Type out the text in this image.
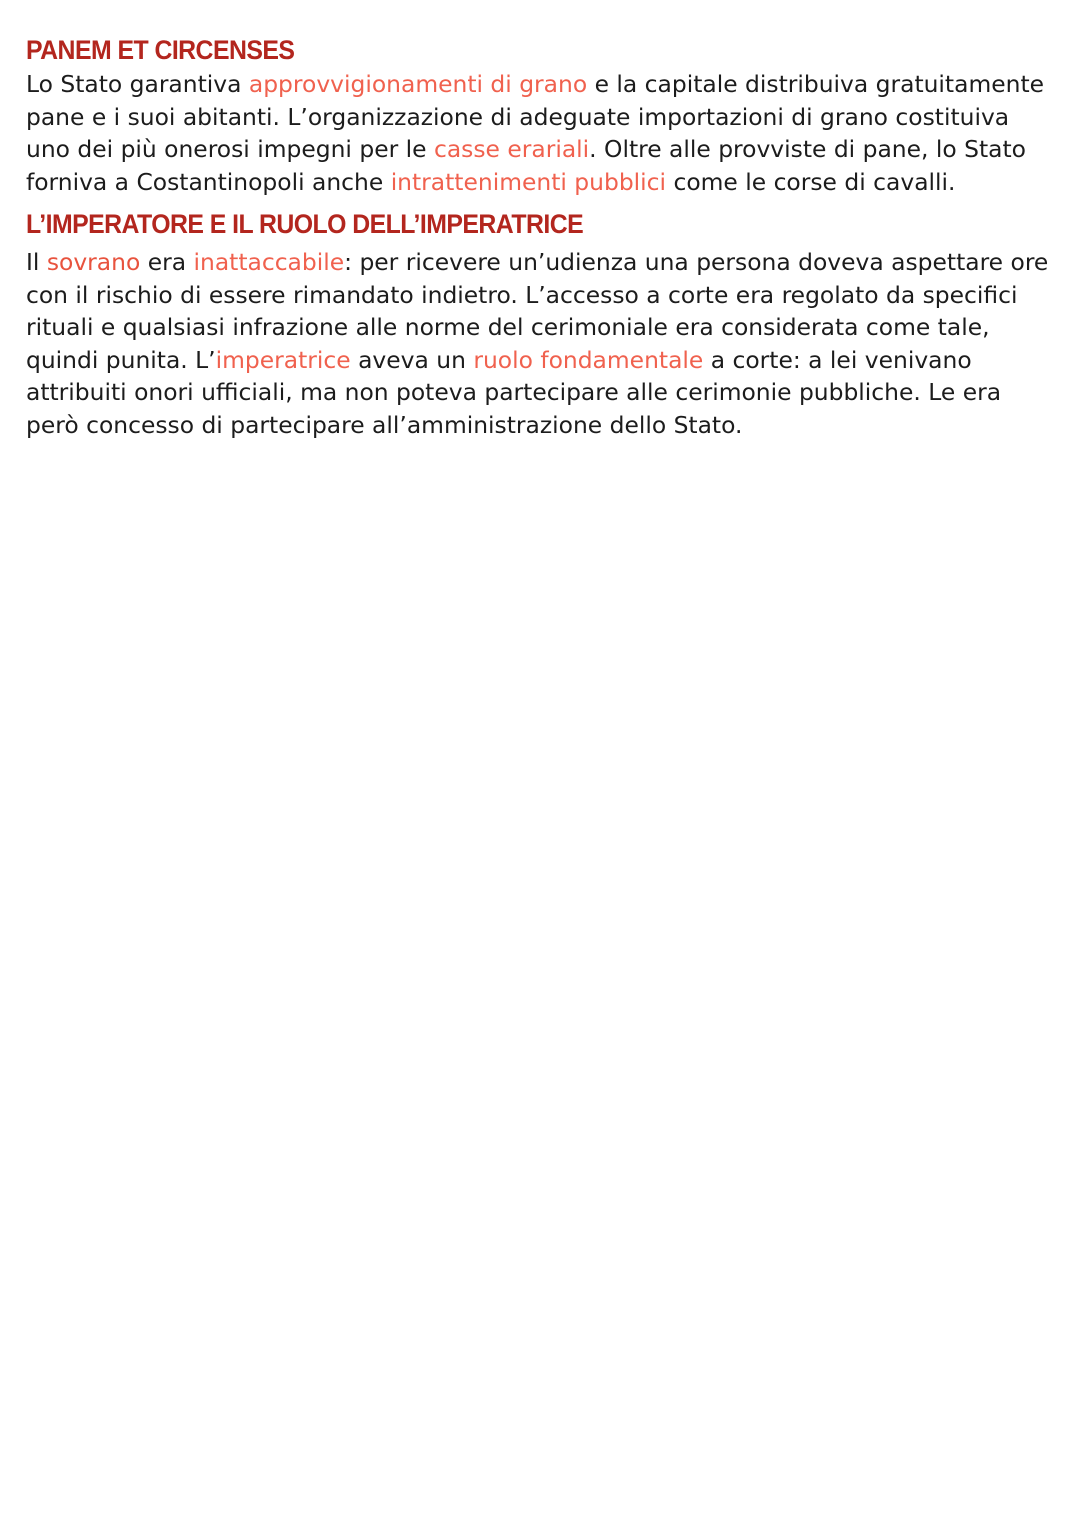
PANEM ET CIRCENSES

Lo Stato garantiva approvvigionamenti di grano e la capitale distribuiva gratuitamente pane e i suoi abitanti. L’organizzazione di adeguate importazioni di grano costituiva uno dei più onerosi impegni per le casse erariali. Oltre alle provviste di pane, lo Stato forniva a Costantinopoli anche intrattenimenti pubblici come le corse di cavalli.

L’IMPERATORE E IL RUOLO DELL’IMPERATRICE

Il sovrano era inattaccabile: per ricevere un’udienza una persona doveva aspettare ore con il rischio di essere rimandato indietro. L’accesso a corte era regolato da specifici rituali e qualsiasi infrazione alle norme del cerimoniale era considerata come tale, quindi punita. L’imperatrice aveva un ruolo fondamentale a corte: a lei venivano attribuiti onori ufficiali, ma non poteva partecipare alle cerimonie pubbliche. Le era però concesso di partecipare all’amministrazione dello Stato.
